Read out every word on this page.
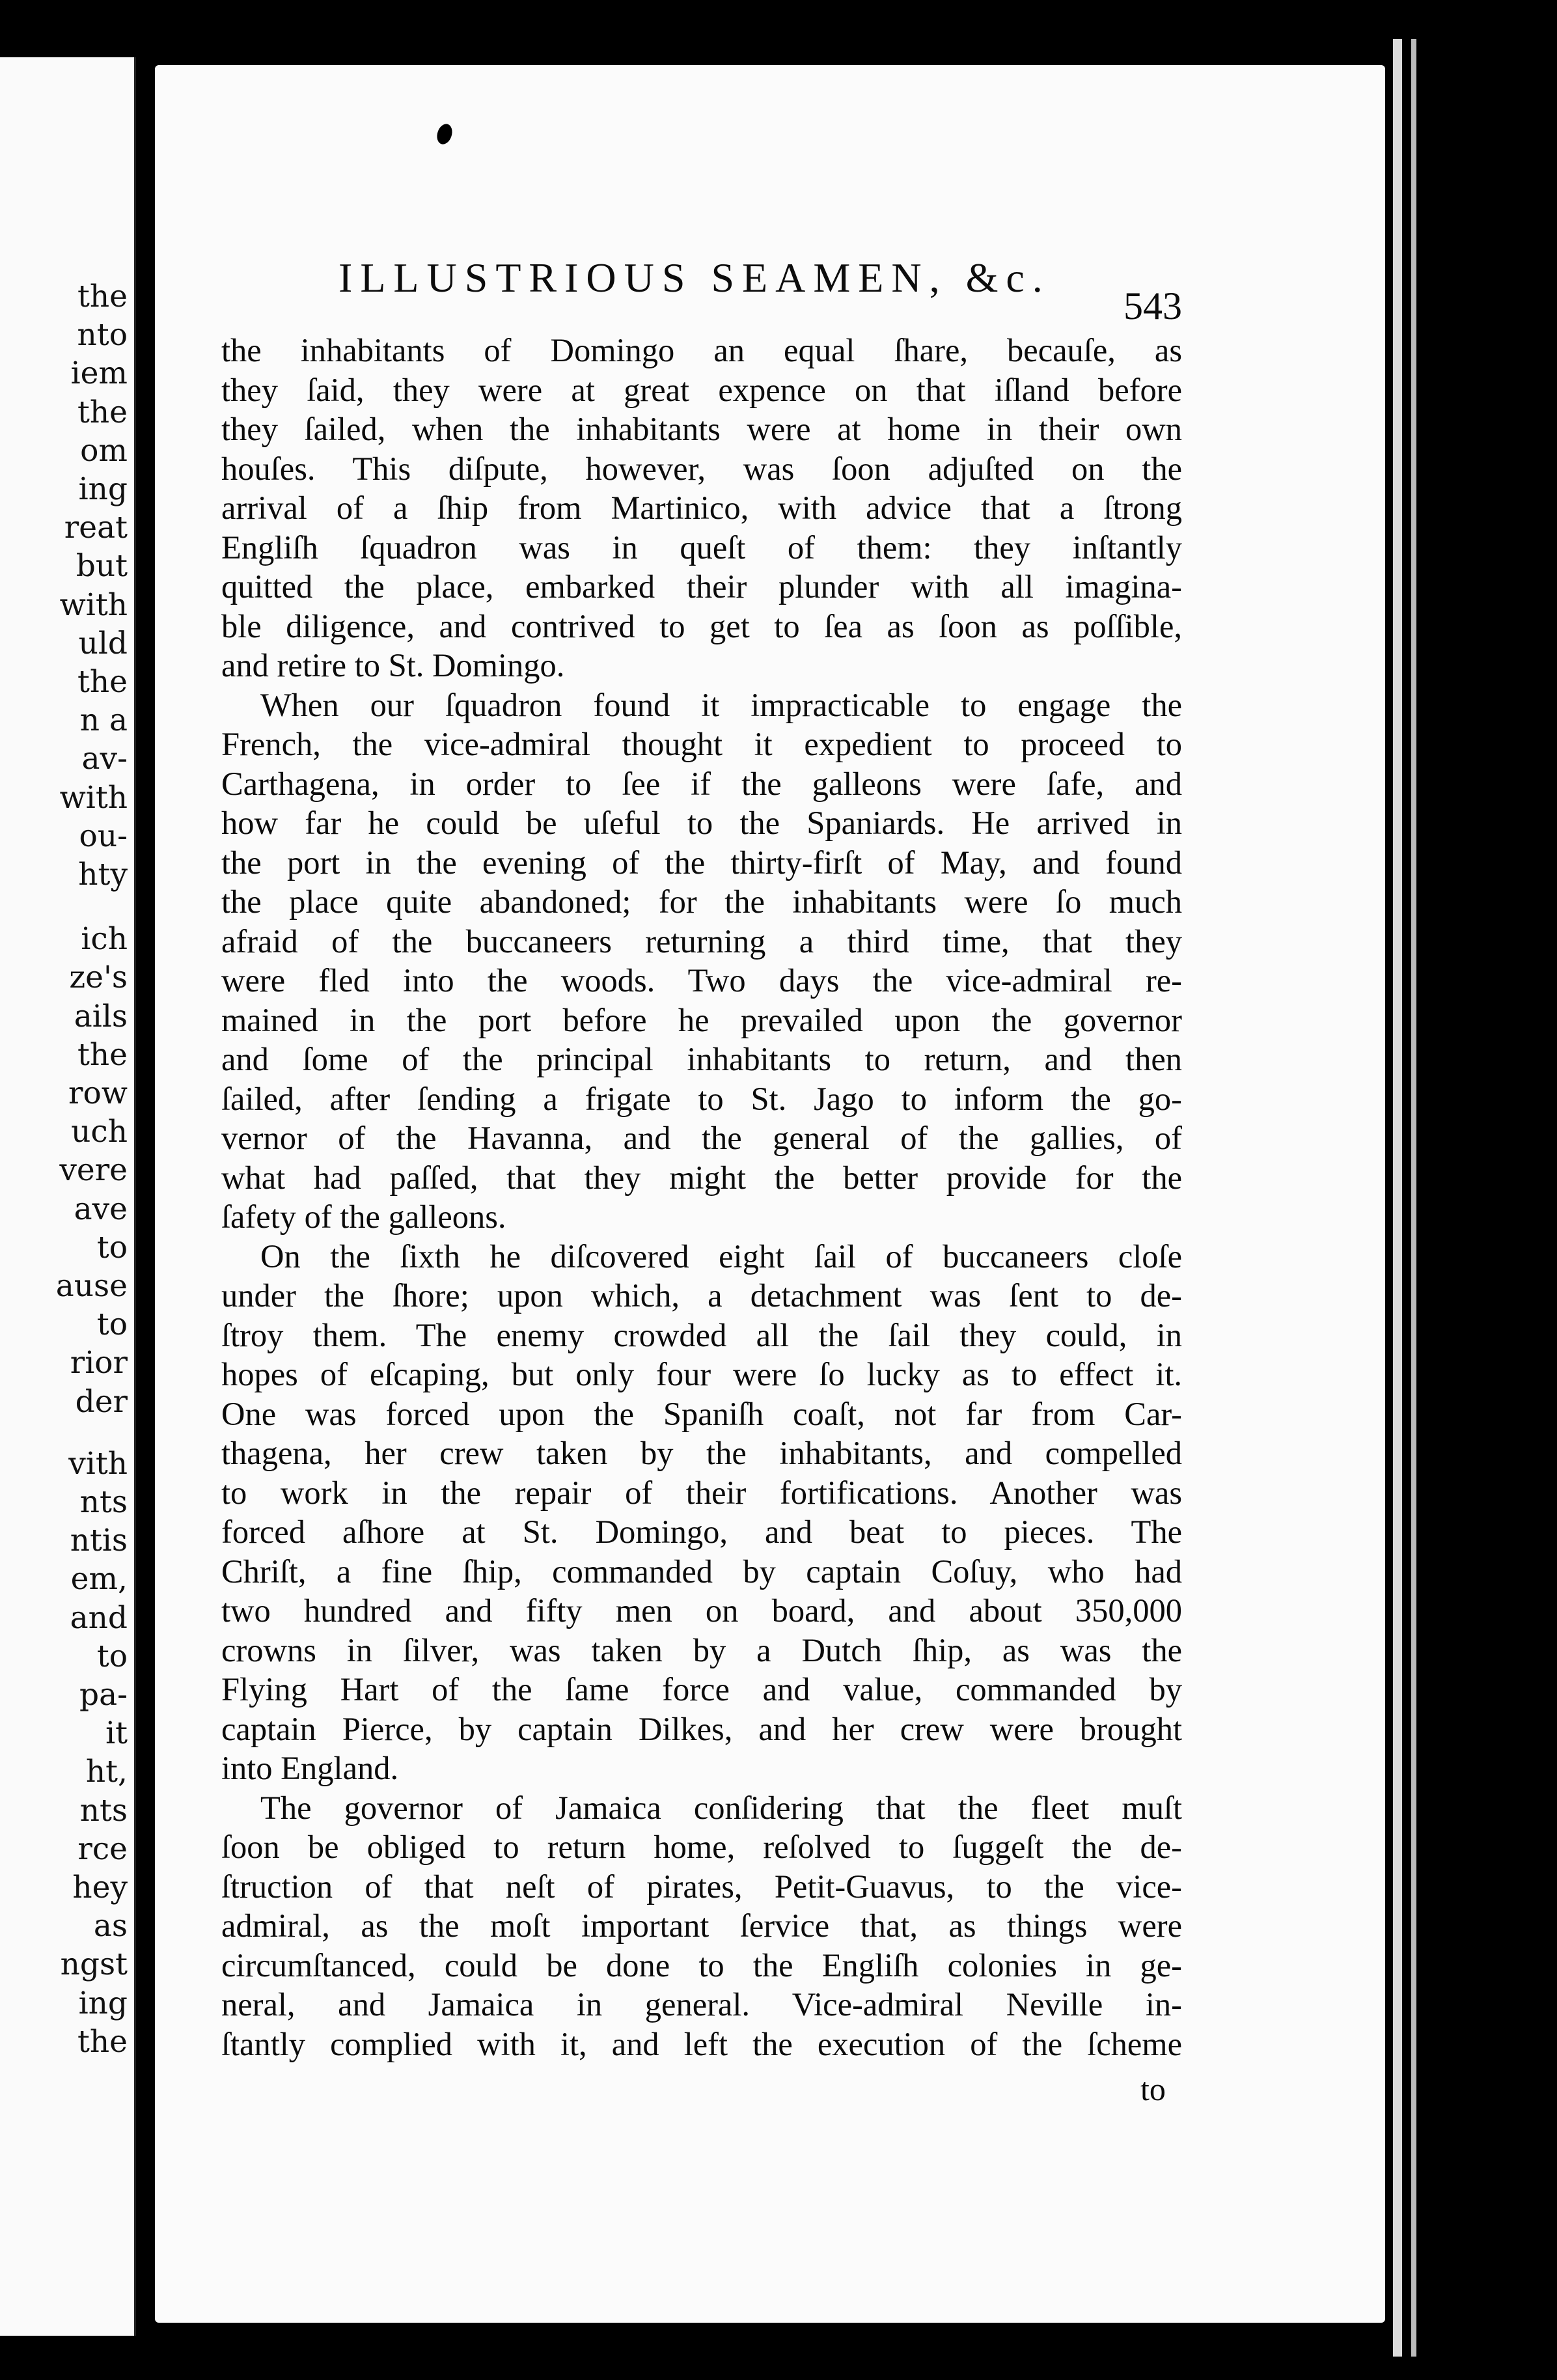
the
nto
iem
the
om
ing
reat
but
with
uld
the
n a
av-
with
ou-
hty
ich
ze's
ails
the
row
uch
vere
ave
to
ause
to
rior
der
vith
nts
ntis
em,
and
to
pa-
it
ht,
nts
rce
hey
as
ngst
ing
the
ILLUSTRIOUS SEAMEN, &c.
543
the inhabitants of Domingo an equal ſhare, becauſe, as
they ſaid, they were at great expence on that iſland before
they ſailed, when the inhabitants were at home in their own
houſes. This diſpute, however, was ſoon adjuſted on the
arrival of a ſhip from Martinico, with advice that a ſtrong
Engliſh ſquadron was in queſt of them: they inſtantly
quitted the place, embarked their plunder with all imagina-
ble diligence, and contrived to get to ſea as ſoon as poſſible,
and retire to St. Domingo.
When our ſquadron found it impracticable to engage the
French, the vice-admiral thought it expedient to proceed to
Carthagena, in order to ſee if the galleons were ſafe, and
how far he could be uſeful to the Spaniards. He arrived in
the port in the evening of the thirty-firſt of May, and found
the place quite abandoned; for the inhabitants were ſo much
afraid of the buccaneers returning a third time, that they
were fled into the woods. Two days the vice-admiral re-
mained in the port before he prevailed upon the governor
and ſome of the principal inhabitants to return, and then
ſailed, after ſending a frigate to St. Jago to inform the go-
vernor of the Havanna, and the general of the gallies, of
what had paſſed, that they might the better provide for the
ſafety of the galleons.
On the ſixth he diſcovered eight ſail of buccaneers cloſe
under the ſhore; upon which, a detachment was ſent to de-
ſtroy them. The enemy crowded all the ſail they could, in
hopes of eſcaping, but only four were ſo lucky as to effect it.
One was forced upon the Spaniſh coaſt, not far from Car-
thagena, her crew taken by the inhabitants, and compelled
to work in the repair of their fortifications. Another was
forced aſhore at St. Domingo, and beat to pieces. The
Chriſt, a fine ſhip, commanded by captain Coſuy, who had
two hundred and fifty men on board, and about 350,000
crowns in ſilver, was taken by a Dutch ſhip, as was the
Flying Hart of the ſame force and value, commanded by
captain Pierce, by captain Dilkes, and her crew were brought
into England.
The governor of Jamaica conſidering that the fleet muſt
ſoon be obliged to return home, reſolved to ſuggeſt the de-
ſtruction of that neſt of pirates, Petit-Guavus, to the vice-
admiral, as the moſt important ſervice that, as things were
circumſtanced, could be done to the Engliſh colonies in ge-
neral, and Jamaica in general. Vice-admiral Neville in-
ſtantly complied with it, and left the execution of the ſcheme
to
